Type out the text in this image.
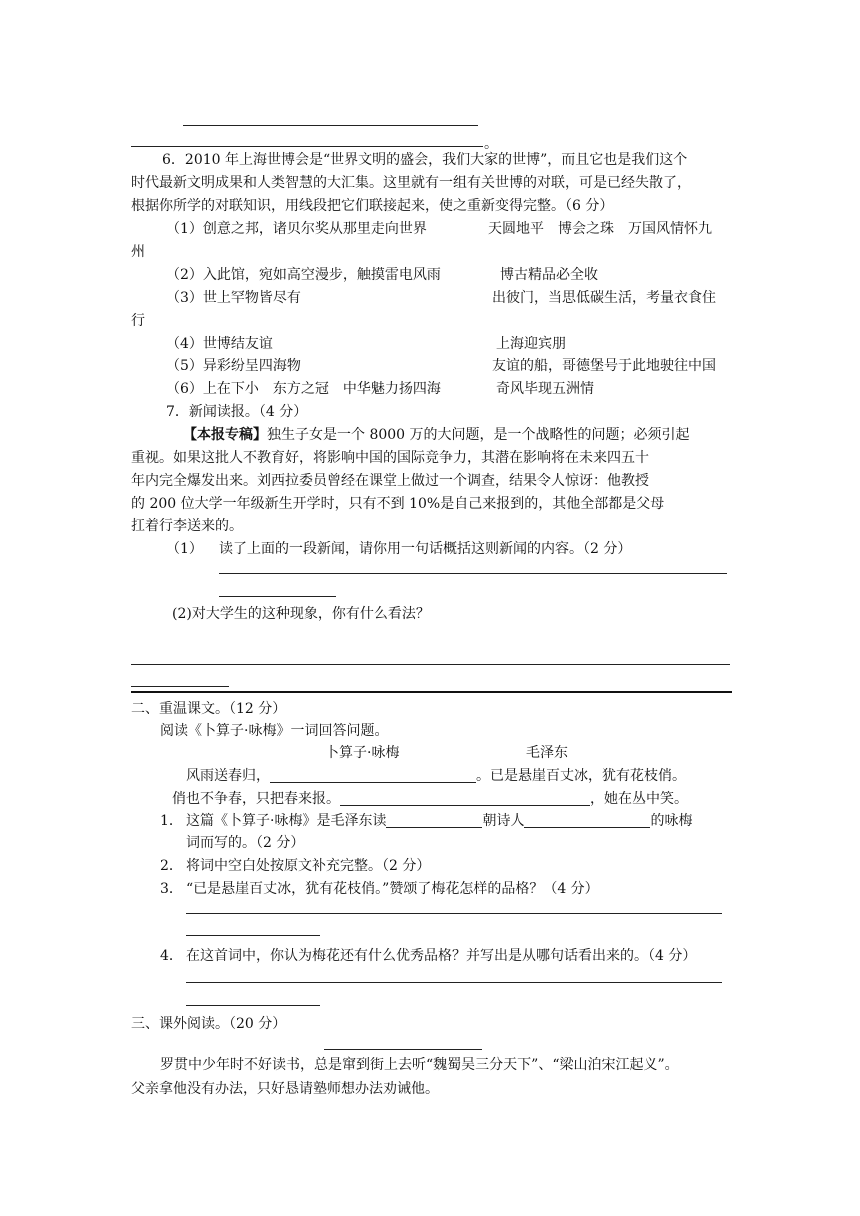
。
6．2010 年上海世博会是“世界文明的盛会，我们大家的世博”，而且它也是我们这个
时代最新文明成果和人类智慧的大汇集。这里就有一组有关世博的对联，可是已经失散了，
根据你所学的对联知识，用线段把它们联接起来，使之重新变得完整。（6 分）
（1）创意之邦，诸贝尔奖从那里走向世界	天圆地平　博会之珠　万国风情怀九
州
（2）入此馆，宛如高空漫步，触摸雷电风雨	博古精品必全收
（3）世上罕物皆尽有	出彼门，当思低碳生活，考量衣食住
行
（4）世博结友谊	上海迎宾朋
（5）异彩纷呈四海物	友谊的船，哥德堡号于此地驶往中国
（6）上在下小　东方之冠　中华魅力扬四海	奇风毕现五洲情
7．新闻读报。（4 分）
【本报专稿】独生子女是一个 8000 万的大问题，是一个战略性的问题；必须引起
重视。如果这批人不教育好，将影响中国的国际竞争力，其潜在影响将在未来四五十
年内完全爆发出来。刘西拉委员曾经在课堂上做过一个调查，结果令人惊讶：他教授
的 200 位大学一年级新生开学时，只有不到 10%是自己来报到的，其他全部都是父母
扛着行李送来的。
（1） 读了上面的一段新闻，请你用一句话概括这则新闻的内容。（2 分）
(2)对大学生的这种现象，你有什么看法？
二、重温课文。（12 分）
阅读《卜算子·咏梅》一词回答问题。
卜算子·咏梅	毛泽东
风雨送春归，	。已是悬崖百丈冰，犹有花枝俏。
俏也不争春，只把春来报。	，她在丛中笑。
1． 这篇《卜算子·咏梅》是毛泽东读	朝诗人	的咏梅
词而写的。（2 分）
2． 将词中空白处按原文补充完整。（2 分）
3． “已是悬崖百丈冰，犹有花枝俏。”赞颂了梅花怎样的品格？（4 分）
4． 在这首词中，你认为梅花还有什么优秀品格？并写出是从哪句话看出来的。（4 分）
三、课外阅读。（20 分）
罗贯中少年时不好读书，总是窜到街上去听“魏蜀吴三分天下”、“梁山泊宋江起义”。
父亲拿他没有办法，只好恳请塾师想办法劝诫他。
